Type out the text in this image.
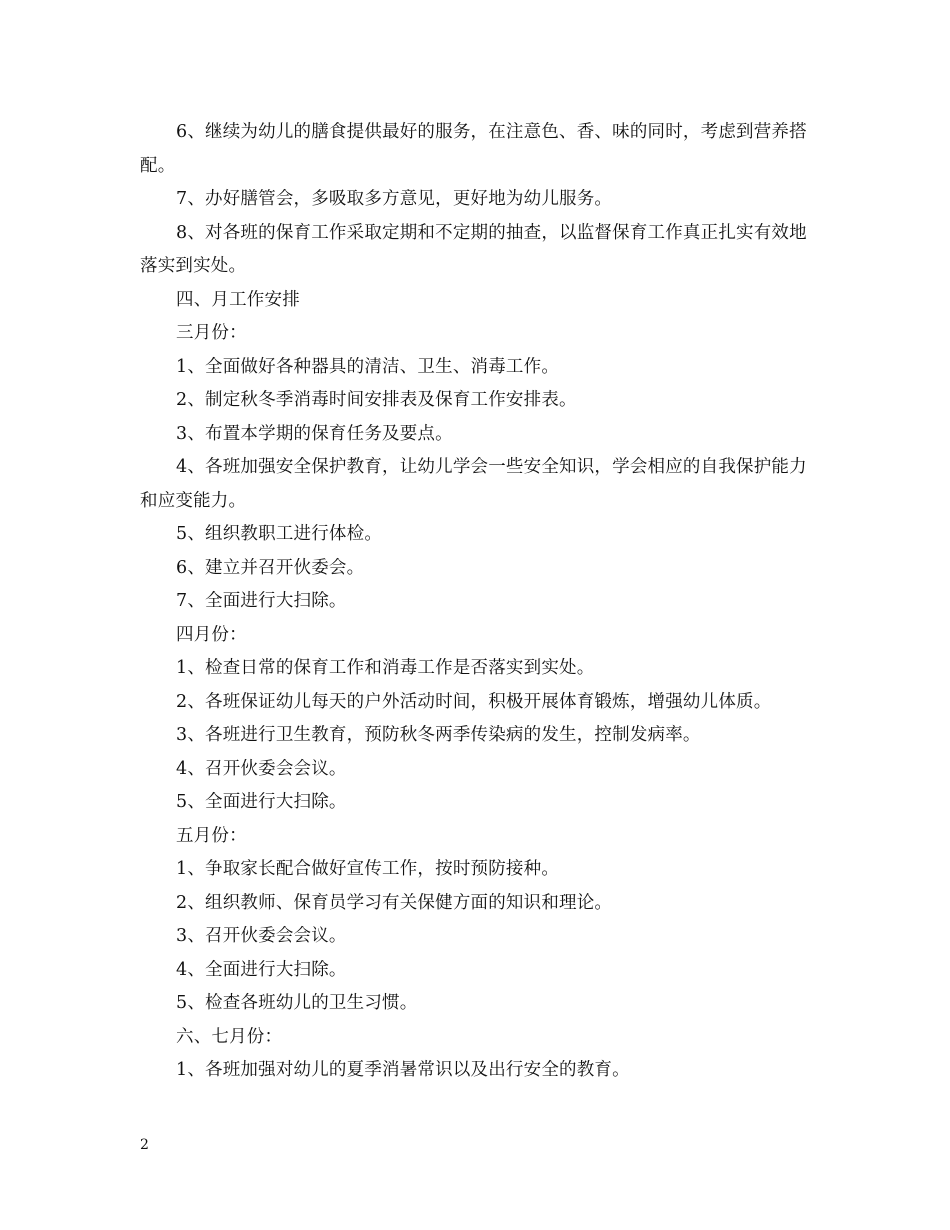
6、继续为幼儿的膳食提供最好的服务，在注意色、香、味的同时，考虑到营养搭配。

7、办好膳管会，多吸取多方意见，更好地为幼儿服务。

8、对各班的保育工作采取定期和不定期的抽查，以监督保育工作真正扎实有效地落实到实处。

四、月工作安排

三月份：

1、全面做好各种器具的清洁、卫生、消毒工作。

2、制定秋冬季消毒时间安排表及保育工作安排表。

3、布置本学期的保育任务及要点。

4、各班加强安全保护教育，让幼儿学会一些安全知识，学会相应的自我保护能力和应变能力。

5、组织教职工进行体检。

6、建立并召开伙委会。

7、全面进行大扫除。

四月份：

1、检查日常的保育工作和消毒工作是否落实到实处。

2、各班保证幼儿每天的户外活动时间，积极开展体育锻炼，增强幼儿体质。

3、各班进行卫生教育，预防秋冬两季传染病的发生，控制发病率。

4、召开伙委会会议。

5、全面进行大扫除。

五月份：

1、争取家长配合做好宣传工作，按时预防接种。

2、组织教师、保育员学习有关保健方面的知识和理论。

3、召开伙委会会议。

4、全面进行大扫除。

5、检查各班幼儿的卫生习惯。

六、七月份：

1、各班加强对幼儿的夏季消暑常识以及出行安全的教育。

2
